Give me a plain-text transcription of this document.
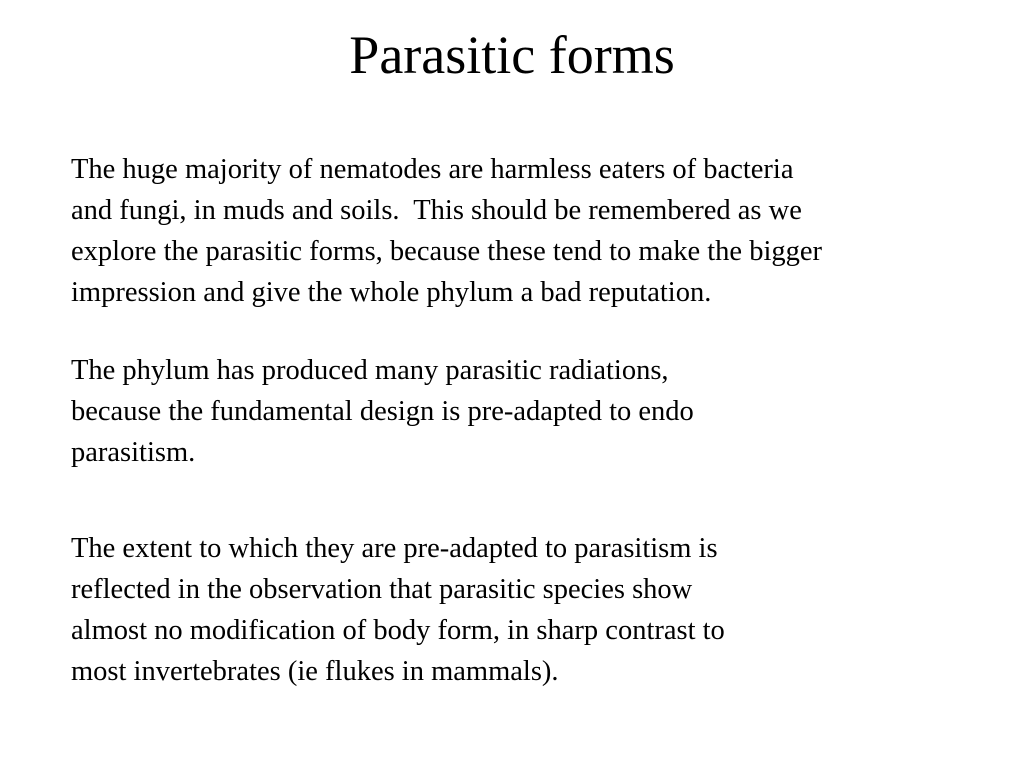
Parasitic forms

The huge majority of nematodes are harmless eaters of bacteria
and fungi, in muds and soils.  This should be remembered as we
explore the parasitic forms, because these tend to make the bigger
impression and give the whole phylum a bad reputation.

The phylum has produced many parasitic radiations,
because the fundamental design is pre-adapted to endo
parasitism.

The extent to which they are pre-adapted to parasitism is
reflected in the observation that parasitic species show
almost no modification of body form, in sharp contrast to
most invertebrates (ie flukes in mammals).
